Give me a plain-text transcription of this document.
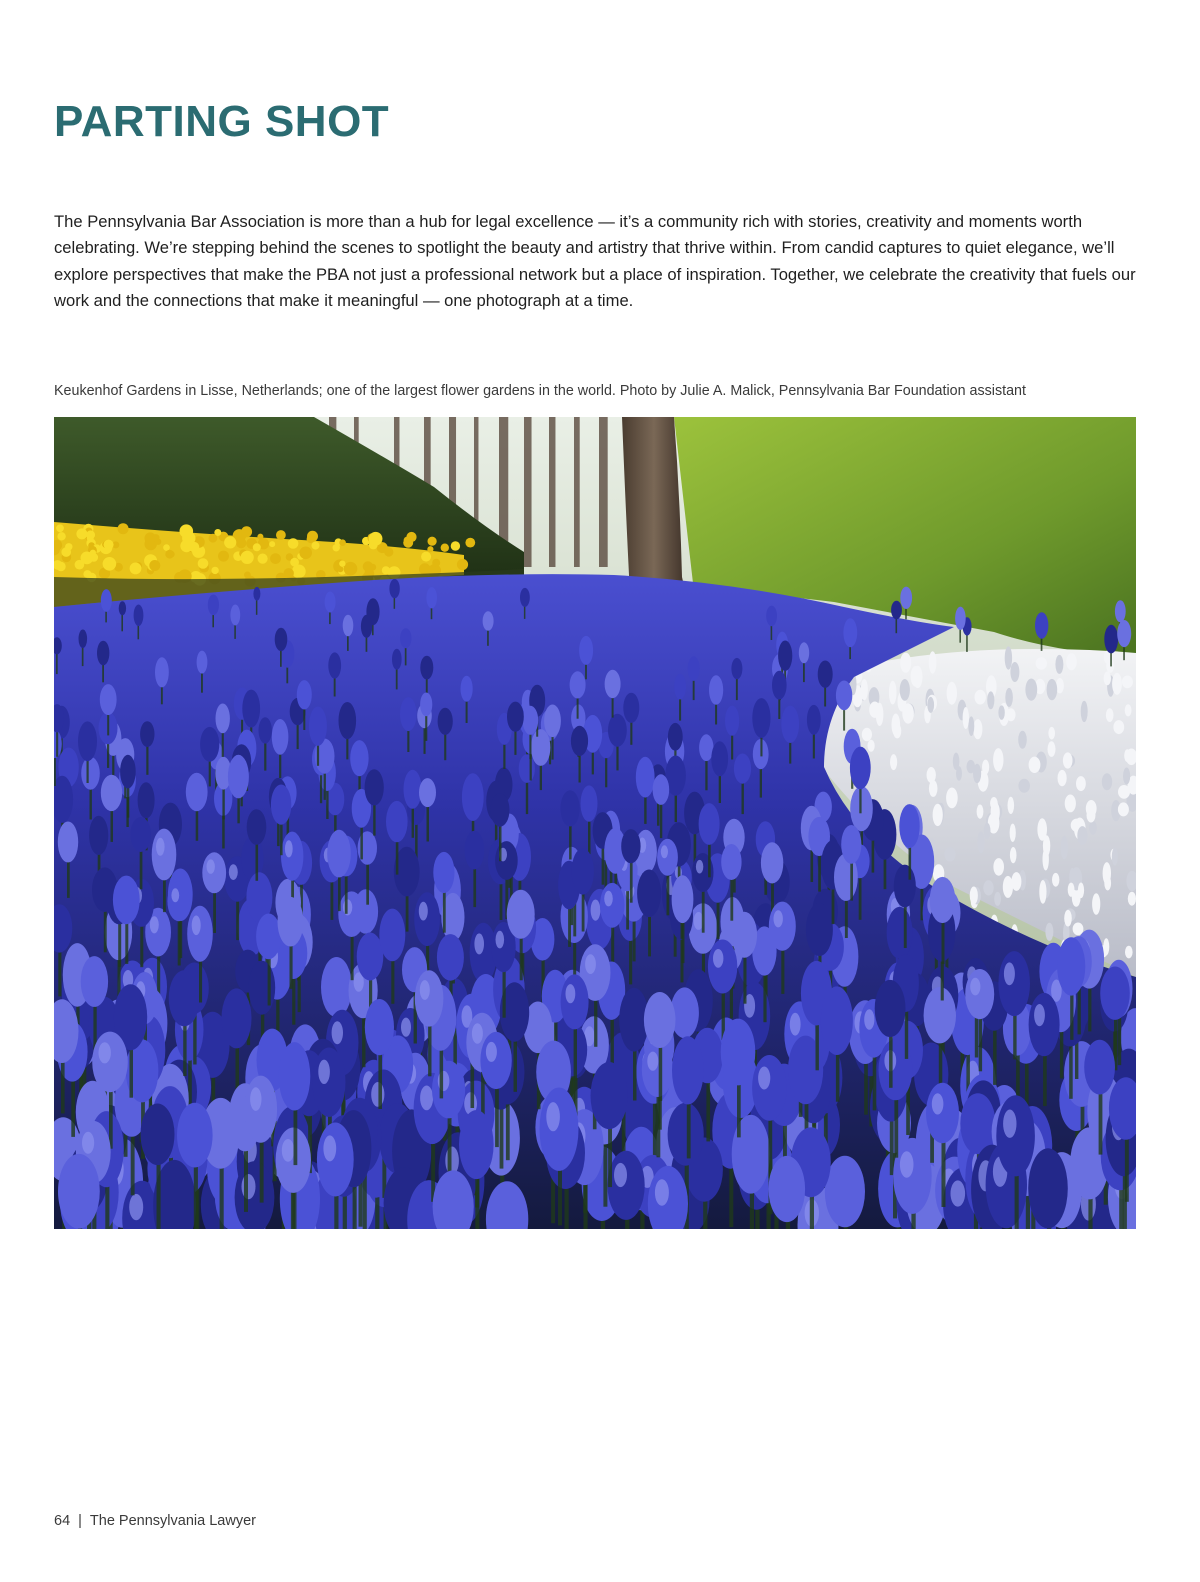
PARTING SHOT

The Pennsylvania Bar Association is more than a hub for legal excellence — it’s a community rich with stories, creativity and moments worth celebrating. We’re stepping behind the scenes to spotlight the beauty and artistry that thrive within. From candid captures to quiet elegance, we’ll explore perspectives that make the PBA not just a professional network but a place of inspiration. Together, we celebrate the creativity that fuels our work and the connections that make it meaningful — one photograph at a time.

Keukenhof Gardens in Lisse, Netherlands; one of the largest flower gardens in the world. Photo by Julie A. Malick, Pennsylvania Bar Foundation assistant

64 | The Pennsylvania Lawyer
